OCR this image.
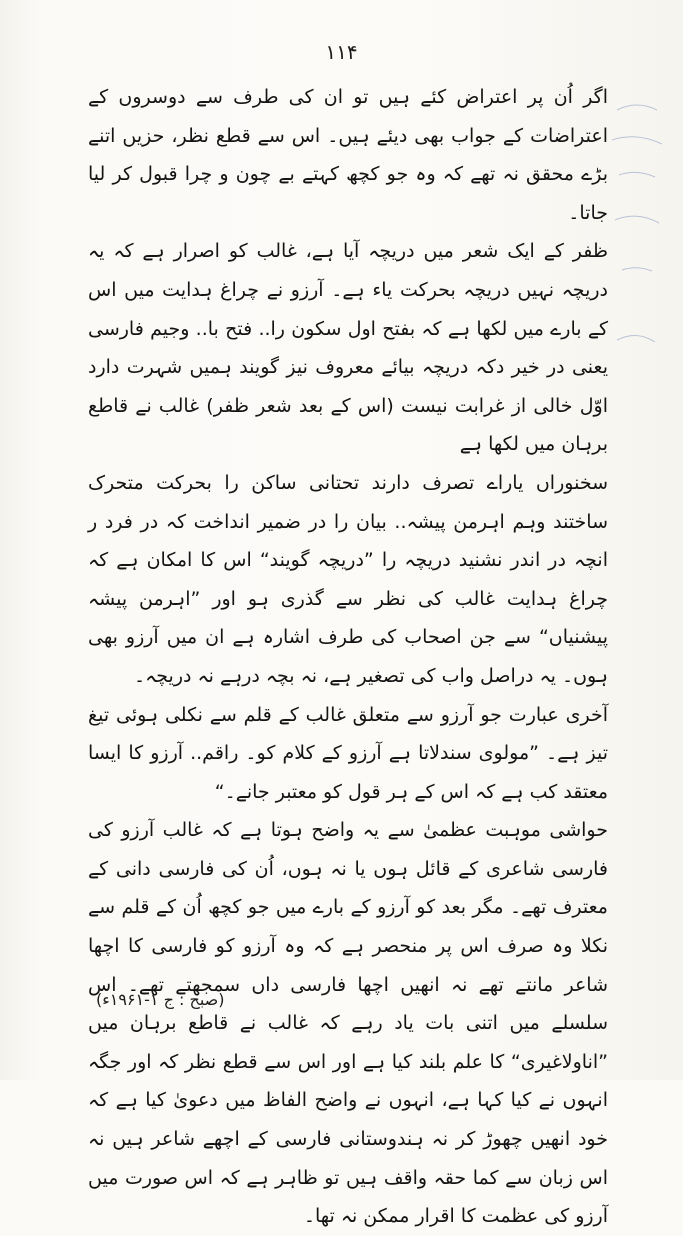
۱۱۴

اگر اُن پر اعتراض کئے ہیں تو ان کی طرف سے دوسروں کے اعتراضات کے جواب بھی دیئے ہیں۔ اس سے قطع نظر، حزیں اتنے بڑے محقق نہ تھے کہ وہ جو کچھ کہتے بے چون و چرا قبول کر لیا جاتا۔

ظفر کے ایک شعر میں دریچہ آیا ہے، غالب کو اصرار ہے کہ یہ دریچہ نہیں دریچہ بحرکت یاء ہے۔ آرزو نے چراغ ہدایت میں اس کے بارے میں لکھا ہے کہ بفتح اول سکون را.. فتح با.. وجیم فارسی یعنی در خیر دکہ دریچہ بیائے معروف نیز گویند ہمیں شہرت دارد اوّل خالی از غرابت نیست (اس کے بعد شعر ظفر) غالب نے قاطع برہان میں لکھا ہے

سخنوراں یاراے تصرف دارند تحتانی ساکن را بحرکت متحرک ساختند وہم اہرمن پیشہ.. بیان را در ضمیر انداخت کہ در فرد ر انچہ در اندر نشنید دریچہ را ”دریچہ گویند“ اس کا امکان ہے کہ چراغ ہدایت غالب کی نظر سے گذری ہو اور ”اہرمن پیشہ پیشنیاں“ سے جن اصحاب کی طرف اشارہ ہے ان میں آرزو بھی ہوں۔ یہ دراصل واب کی تصغیر ہے، نہ بچہ درہے نہ دریچہ۔

آخری عبارت جو آرزو سے متعلق غالب کے قلم سے نکلی ہوئی تیغ تیز ہے۔ ”مولوی سندلاتا ہے آرزو کے کلام کو۔ راقم.. آرزو کا ایسا معتقد کب ہے کہ اس کے ہر قول کو معتبر جانے۔“

حواشی موہبت عظمیٰ سے یہ واضح ہوتا ہے کہ غالب آرزو کی فارسی شاعری کے قائل ہوں یا نہ ہوں، اُن کی فارسی دانی کے معترف تھے۔ مگر بعد کو آرزو کے بارے میں جو کچھ اُن کے قلم سے نکلا وہ صرف اس پر منحصر ہے کہ وہ آرزو کو فارسی کا اچھا شاعر مانتے تھے نہ انھیں اچھا فارسی داں سمجھتے تھے۔ اس سلسلے میں اتنی بات یاد رہے کہ غالب نے قاطع برہان میں ”اناولاغیری“ کا علم بلند کیا ہے اور اس سے قطع نظر کہ اور جگہ انہوں نے کیا کہا ہے، انہوں نے واضح الفاظ میں دعویٰ کیا ہے کہ خود انھیں چھوڑ کر نہ ہندوستانی فارسی کے اچھے شاعر ہیں نہ اس زبان سے کما حقہ واقف ہیں تو ظاہر ہے کہ اس صورت میں آرزو کی عظمت کا اقرار ممکن نہ تھا۔

(صبح : ج ۱-۱۹۶۱ء)
